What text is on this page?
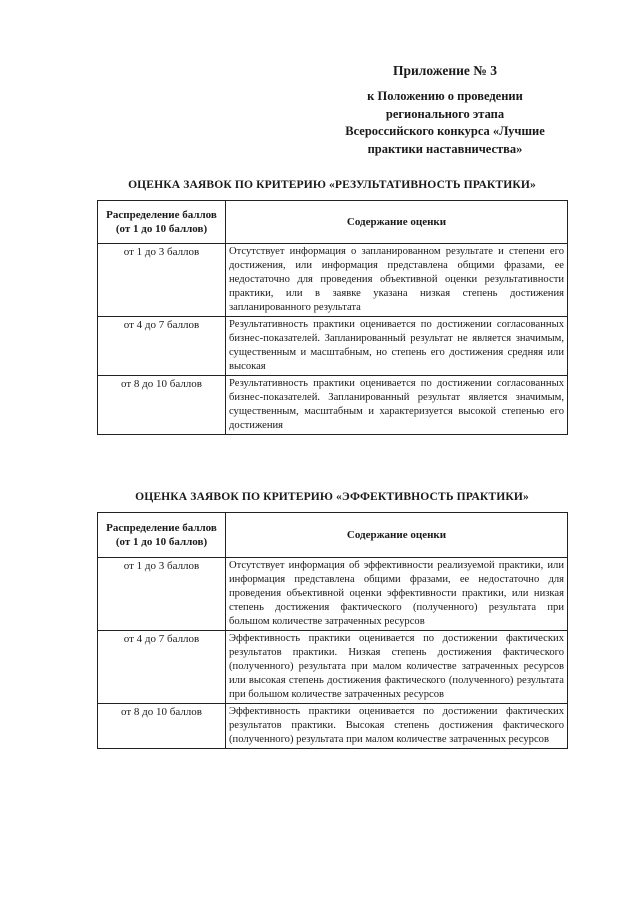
Приложение № 3
к Положению о проведении
регионального этапа
Всероссийского конкурса «Лучшие
практики наставничества»
ОЦЕНКА ЗАЯВОК ПО КРИТЕРИЮ «РЕЗУЛЬТАТИВНОСТЬ ПРАКТИКИ»
Распределение баллов (от 1 до 10 баллов)	Содержание оценки
от 1 до 3 баллов	Отсутствует информация о запланированном результате и степени его достижения, или информация представлена общими фразами, ее недостаточно для проведения объективной оценки результативности практики, или в заявке указана низкая степень достижения запланированного результата
от 4 до 7 баллов	Результативность практики оценивается по достижении согласованных бизнес-показателей. Запланированный результат не является значимым, существенным и масштабным, но степень его достижения средняя или высокая
от 8 до 10 баллов	Результативность практики оценивается по достижении согласованных бизнес-показателей. Запланированный результат является значимым, существенным, масштабным и характеризуется высокой степенью его достижения
ОЦЕНКА ЗАЯВОК ПО КРИТЕРИЮ «ЭФФЕКТИВНОСТЬ ПРАКТИКИ»
Распределение баллов (от 1 до 10 баллов)	Содержание оценки
от 1 до 3 баллов	Отсутствует информация об эффективности реализуемой практики, или информация представлена общими фразами, ее недостаточно для проведения объективной оценки эффективности практики, или низкая степень достижения фактического (полученного) результата при большом количестве затраченных ресурсов
от 4 до 7 баллов	Эффективность практики оценивается по достижении фактических результатов практики. Низкая степень достижения фактического (полученного) результата при малом количестве затраченных ресурсов или высокая степень достижения фактического (полученного) результата при большом количестве затраченных ресурсов
от 8 до 10 баллов	Эффективность практики оценивается по достижении фактических результатов практики. Высокая степень достижения фактического (полученного) результата при малом количестве затраченных ресурсов
